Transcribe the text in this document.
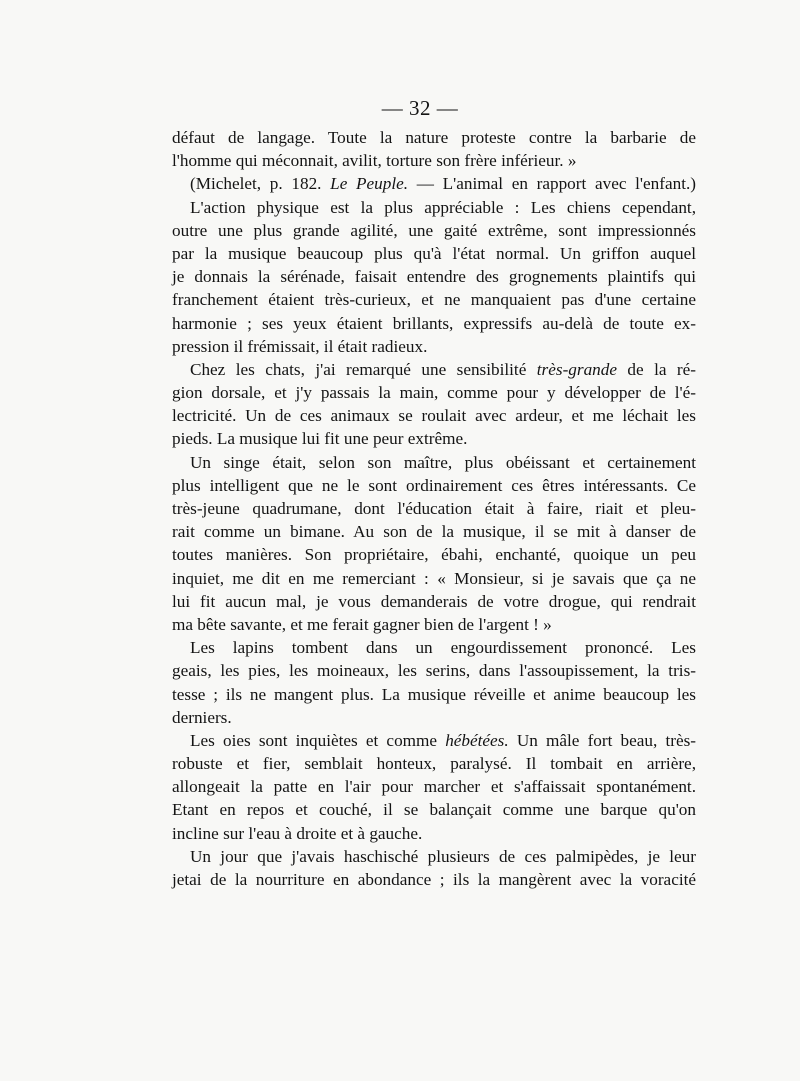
— 32 —
défaut de langage. Toute la nature proteste contre la barbarie de
l'homme qui méconnait, avilit, torture son frère inférieur. »
(Michelet, p. 182. Le Peuple. — L'animal en rapport avec l'enfant.)
L'action physique est la plus appréciable : Les chiens cependant,
outre une plus grande agilité, une gaité extrême, sont impressionnés
par la musique beaucoup plus qu'à l'état normal. Un griffon auquel
je donnais la sérénade, faisait entendre des grognements plaintifs qui
franchement étaient très-curieux, et ne manquaient pas d'une certaine
harmonie ; ses yeux étaient brillants, expressifs au-delà de toute ex-
pression il frémissait, il était radieux.
Chez les chats, j'ai remarqué une sensibilité très-grande de la ré-
gion dorsale, et j'y passais la main, comme pour y développer de l'é-
lectricité. Un de ces animaux se roulait avec ardeur, et me léchait les
pieds. La musique lui fit une peur extrême.
Un singe était, selon son maître, plus obéissant et certainement
plus intelligent que ne le sont ordinairement ces êtres intéressants. Ce
très-jeune quadrumane, dont l'éducation était à faire, riait et pleu-
rait comme un bimane. Au son de la musique, il se mit à danser de
toutes manières. Son propriétaire, ébahi, enchanté, quoique un peu
inquiet, me dit en me remerciant : « Monsieur, si je savais que ça ne
lui fit aucun mal, je vous demanderais de votre drogue, qui rendrait
ma bête savante, et me ferait gagner bien de l'argent ! »
Les lapins tombent dans un engourdissement prononcé. Les
geais, les pies, les moineaux, les serins, dans l'assoupissement, la tris-
tesse ; ils ne mangent plus. La musique réveille et anime beaucoup les
derniers.
Les oies sont inquiètes et comme hébétées. Un mâle fort beau, très-
robuste et fier, semblait honteux, paralysé. Il tombait en arrière,
allongeait la patte en l'air pour marcher et s'affaissait spontanément.
Etant en repos et couché, il se balançait comme une barque qu'on
incline sur l'eau à droite et à gauche.
Un jour que j'avais haschisché plusieurs de ces palmipèdes, je leur
jetai de la nourriture en abondance ; ils la mangèrent avec la voracité
